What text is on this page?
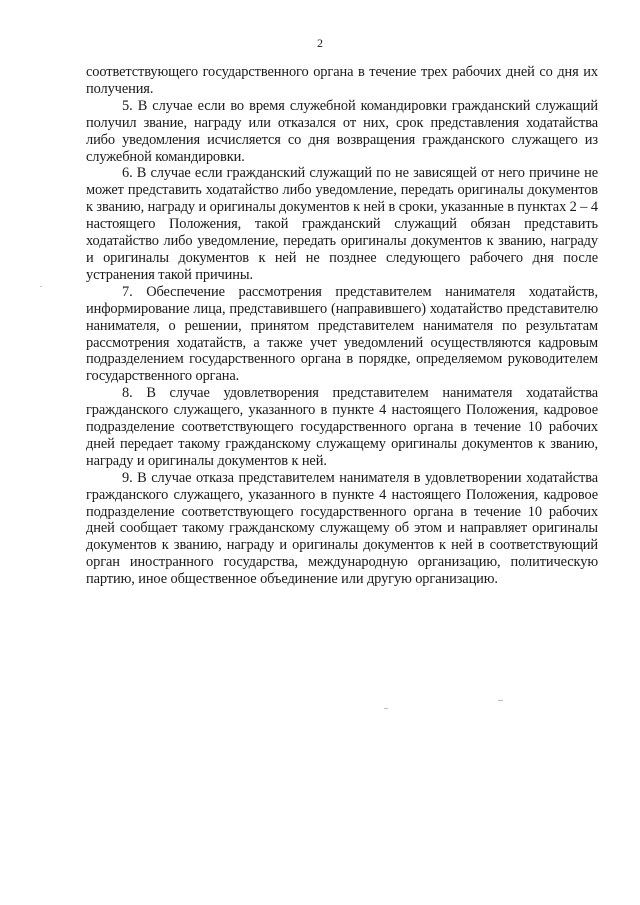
2

соответствующего государственного органа в течение трех рабочих дней со дня их получения.

5. В случае если во время служебной командировки гражданский служащий получил звание, награду или отказался от них, срок представления ходатайства либо уведомления исчисляется со дня возвращения гражданского служащего из служебной командировки.

6. В случае если гражданский служащий по не зависящей от него причине не может представить ходатайство либо уведомление, передать оригиналы документов к званию, награду и оригиналы документов к ней в сроки, указанные в пунктах 2 – 4 настоящего Положения, такой гражданский служащий обязан представить ходатайство либо уведомление, передать оригиналы документов к званию, награду и оригиналы документов к ней не позднее следующего рабочего дня после устранения такой причины.

7. Обеспечение рассмотрения представителем нанимателя ходатайств, информирование лица, представившего (направившего) ходатайство представителю нанимателя, о решении, принятом представителем нанимателя по результатам рассмотрения ходатайств, а также учет уведомлений осуществляются кадровым подразделением государственного органа в порядке, определяемом руководителем государственного органа.

8. В случае удовлетворения представителем нанимателя ходатайства гражданского служащего, указанного в пункте 4 настоящего Положения, кадровое подразделение соответствующего государственного органа в течение 10 рабочих дней передает такому гражданскому служащему оригиналы документов к званию, награду и оригиналы документов к ней.

9. В случае отказа представителем нанимателя в удовлетворении ходатайства гражданского служащего, указанного в пункте 4 настоящего Положения, кадровое подразделение соответствующего государственного органа в течение 10 рабочих дней сообщает такому гражданскому служащему об этом и направляет оригиналы документов к званию, награду и оригиналы документов к ней в соответствующий орган иностранного государства, международную организацию, политическую партию, иное общественное объединение или другую организацию.
